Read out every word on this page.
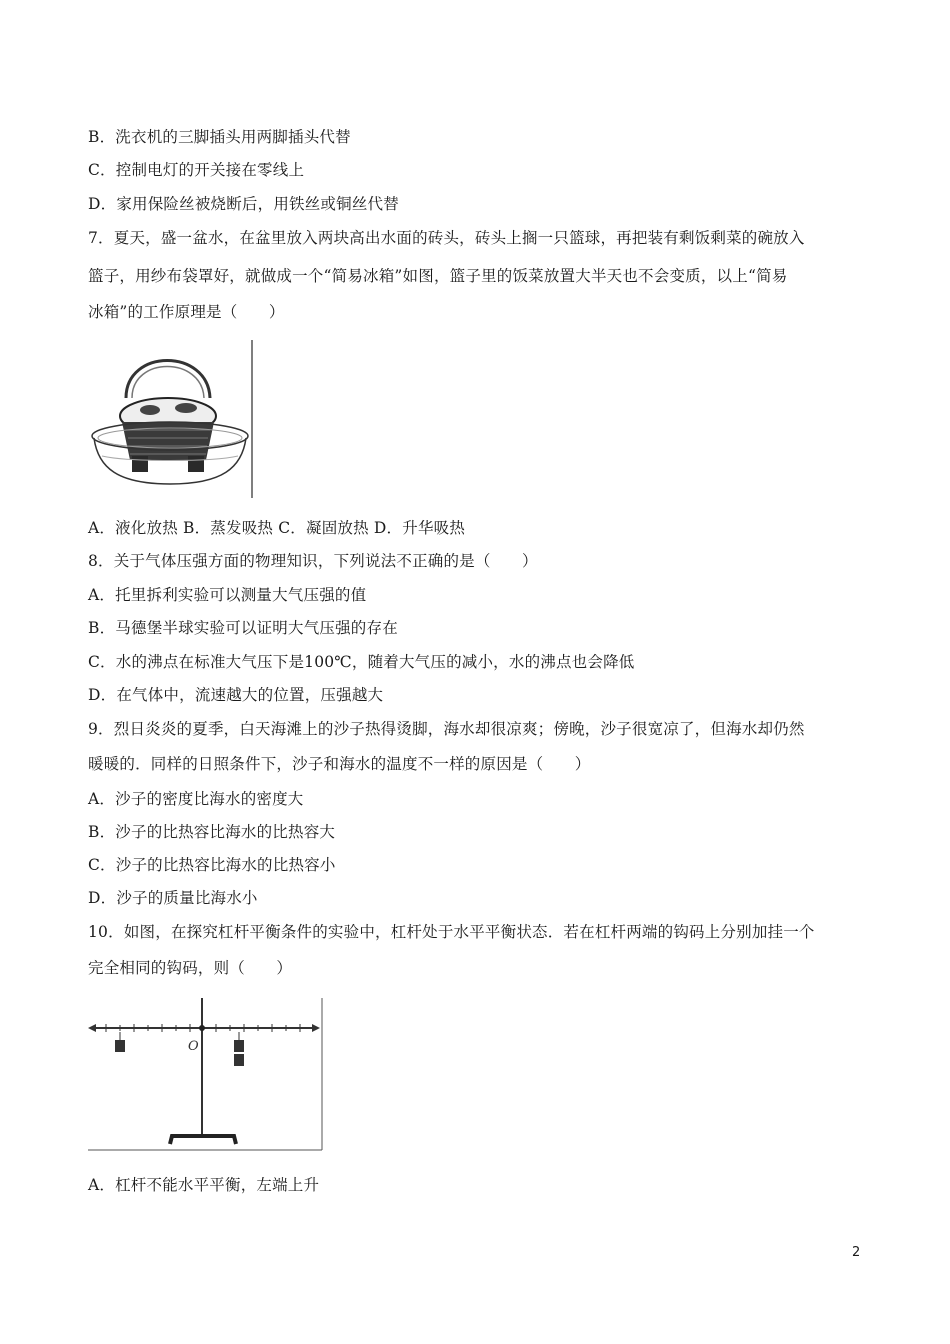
B．洗衣机的三脚插头用两脚插头代替
C．控制电灯的开关接在零线上
D．家用保险丝被烧断后，用铁丝或铜丝代替
7．夏天，盛一盆水，在盆里放入两块高出水面的砖头，砖头上搁一只篮球，再把装有剩饭剩菜的碗放入
篮子，用纱布袋罩好，就做成一个“简易冰箱”如图，篮子里的饭菜放置大半天也不会变质，以上“简易
冰箱”的工作原理是（　　）
A．液化放热 B．蒸发吸热 C．凝固放热 D．升华吸热
8．关于气体压强方面的物理知识，下列说法不正确的是（　　）
A．托里拆利实验可以测量大气压强的值
B．马德堡半球实验可以证明大气压强的存在
C．水的沸点在标准大气压下是100℃，随着大气压的减小，水的沸点也会降低
D．在气体中，流速越大的位置，压强越大
9．烈日炎炎的夏季，白天海滩上的沙子热得烫脚，海水却很凉爽；傍晚，沙子很宽凉了，但海水却仍然
暖暖的．同样的日照条件下，沙子和海水的温度不一样的原因是（　　）
A．沙子的密度比海水的密度大
B．沙子的比热容比海水的比热容大
C．沙子的比热容比海水的比热容小
D．沙子的质量比海水小
10．如图，在探究杠杆平衡条件的实验中，杠杆处于水平平衡状态．若在杠杆两端的钩码上分别加挂一个
完全相同的钩码，则（　　）
O
A．杠杆不能水平平衡，左端上升
2
